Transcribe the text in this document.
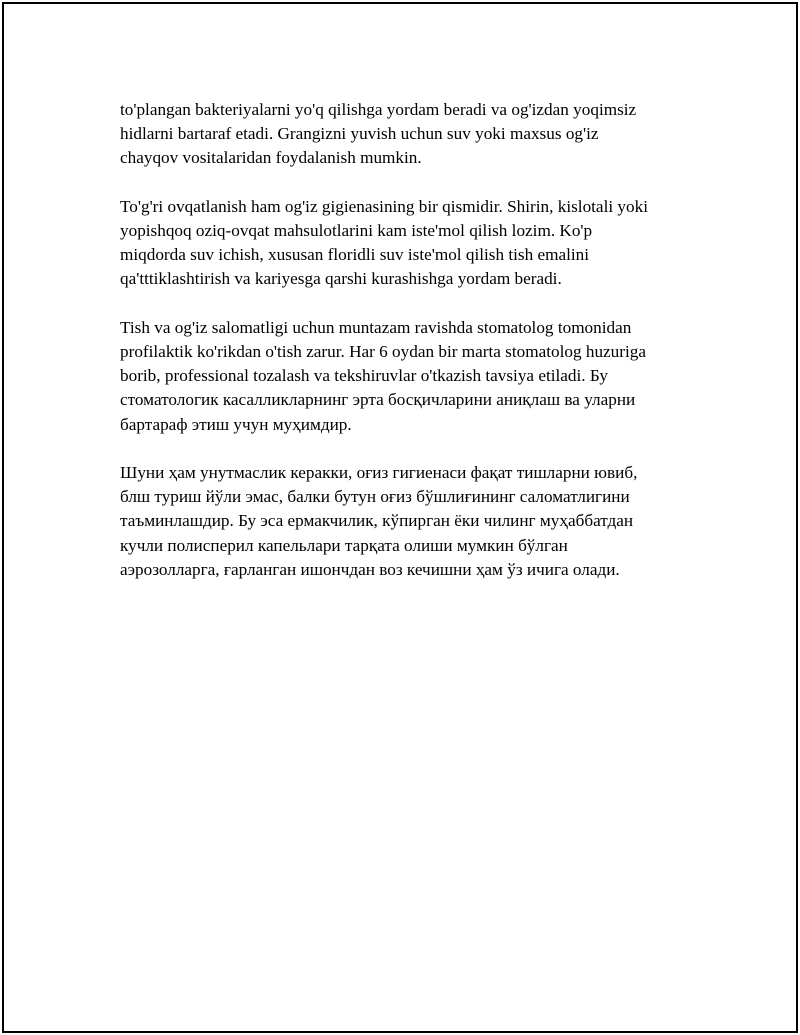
to'plangan bakteriyalarni yo'q qilishga yordam beradi va og'izdan yoqimsiz
hidlarni bartaraf etadi. Grangizni yuvish uchun suv yoki maxsus og'iz
chayqov vositalaridan foydalanish mumkin.

To'g'ri ovqatlanish ham og'iz gigienasining bir qismidir. Shirin, kislotali yoki
yopishqoq oziq-ovqat mahsulotlarini kam iste'mol qilish lozim. Ko'p
miqdorda suv ichish, xususan floridli suv iste'mol qilish tish emalini
qa'tttiklashtirish va kariyesga qarshi kurashishga yordam beradi.

Tish va og'iz salomatligi uchun muntazam ravishda stomatolog tomonidan
profilaktik ko'rikdan o'tish zarur. Har 6 oydan bir marta stomatolog huzuriga
borib, professional tozalash va tekshiruvlar o'tkazish tavsiya etiladi. Бу
стоматологик касалликларнинг эрта босқичларини аниқлаш ва уларни
бартараф этиш учун муҳимдир.

Шуни ҳам унутмаслик керакки, оғиз гигиенаси фақат тишларни ювиб,
блш туриш йўли эмас, балки бутун оғиз бўшлиғининг саломатлигини
таъминлашдир. Бу эса ермакчилик, кўпирган ёки чилинг муҳаббатдан
кучли полисперил капельлари тарқата олиши мумкин бўлган
аэрозолларга, ғарланган ишончдан воз кечишни ҳам ўз ичига олади.
